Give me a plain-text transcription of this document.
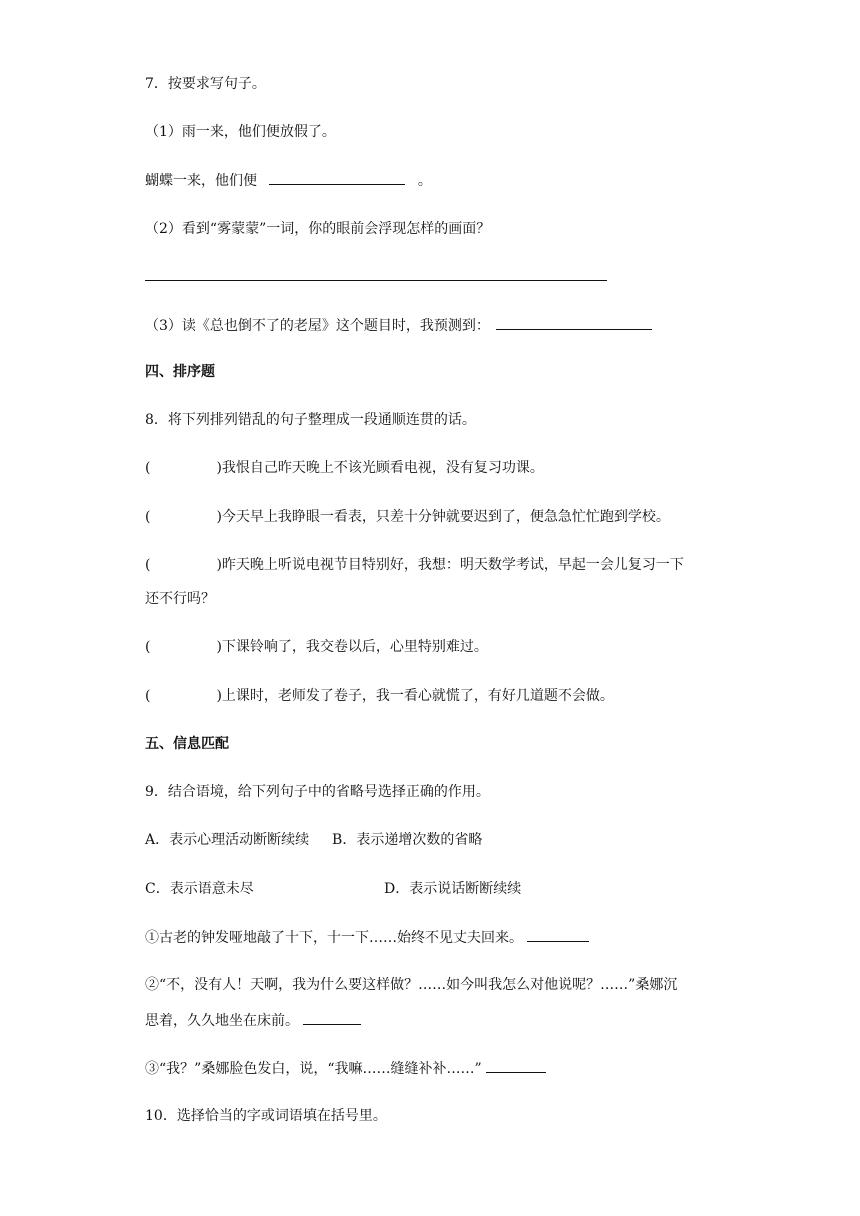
7．按要求写句子。
（1）雨一来，他们便放假了。
蝴蝶一来，他们便	。
（2）看到“雾蒙蒙”一词，你的眼前会浮现怎样的画面？
（3）读《总也倒不了的老屋》这个题目时，我预测到：
四、排序题
8．将下列排列错乱的句子整理成一段通顺连贯的话。
(	)我恨自己昨天晚上不该光顾看电视，没有复习功课。
(	)今天早上我睁眼一看表，只差十分钟就要迟到了，便急急忙忙跑到学校。
(	)昨天晚上听说电视节目特别好，我想：明天数学考试，早起一会儿复习一下
还不行吗？
(	)下课铃响了，我交卷以后，心里特别难过。
(	)上课时，老师发了卷子，我一看心就慌了，有好几道题不会做。
五、信息匹配
9．结合语境，给下列句子中的省略号选择正确的作用。
A．表示心理活动断断续续 B．表示递增次数的省略
C．表示语意未尽	D．表示说话断断续续
①古老的钟发哑地敲了十下，十一下……始终不见丈夫回来。
②“不，没有人！天啊，我为什么要这样做？……如今叫我怎么对他说呢？……”桑娜沉
思着，久久地坐在床前。
③“我？”桑娜脸色发白，说，“我嘛……缝缝补补……”
10．选择恰当的字或词语填在括号里。
